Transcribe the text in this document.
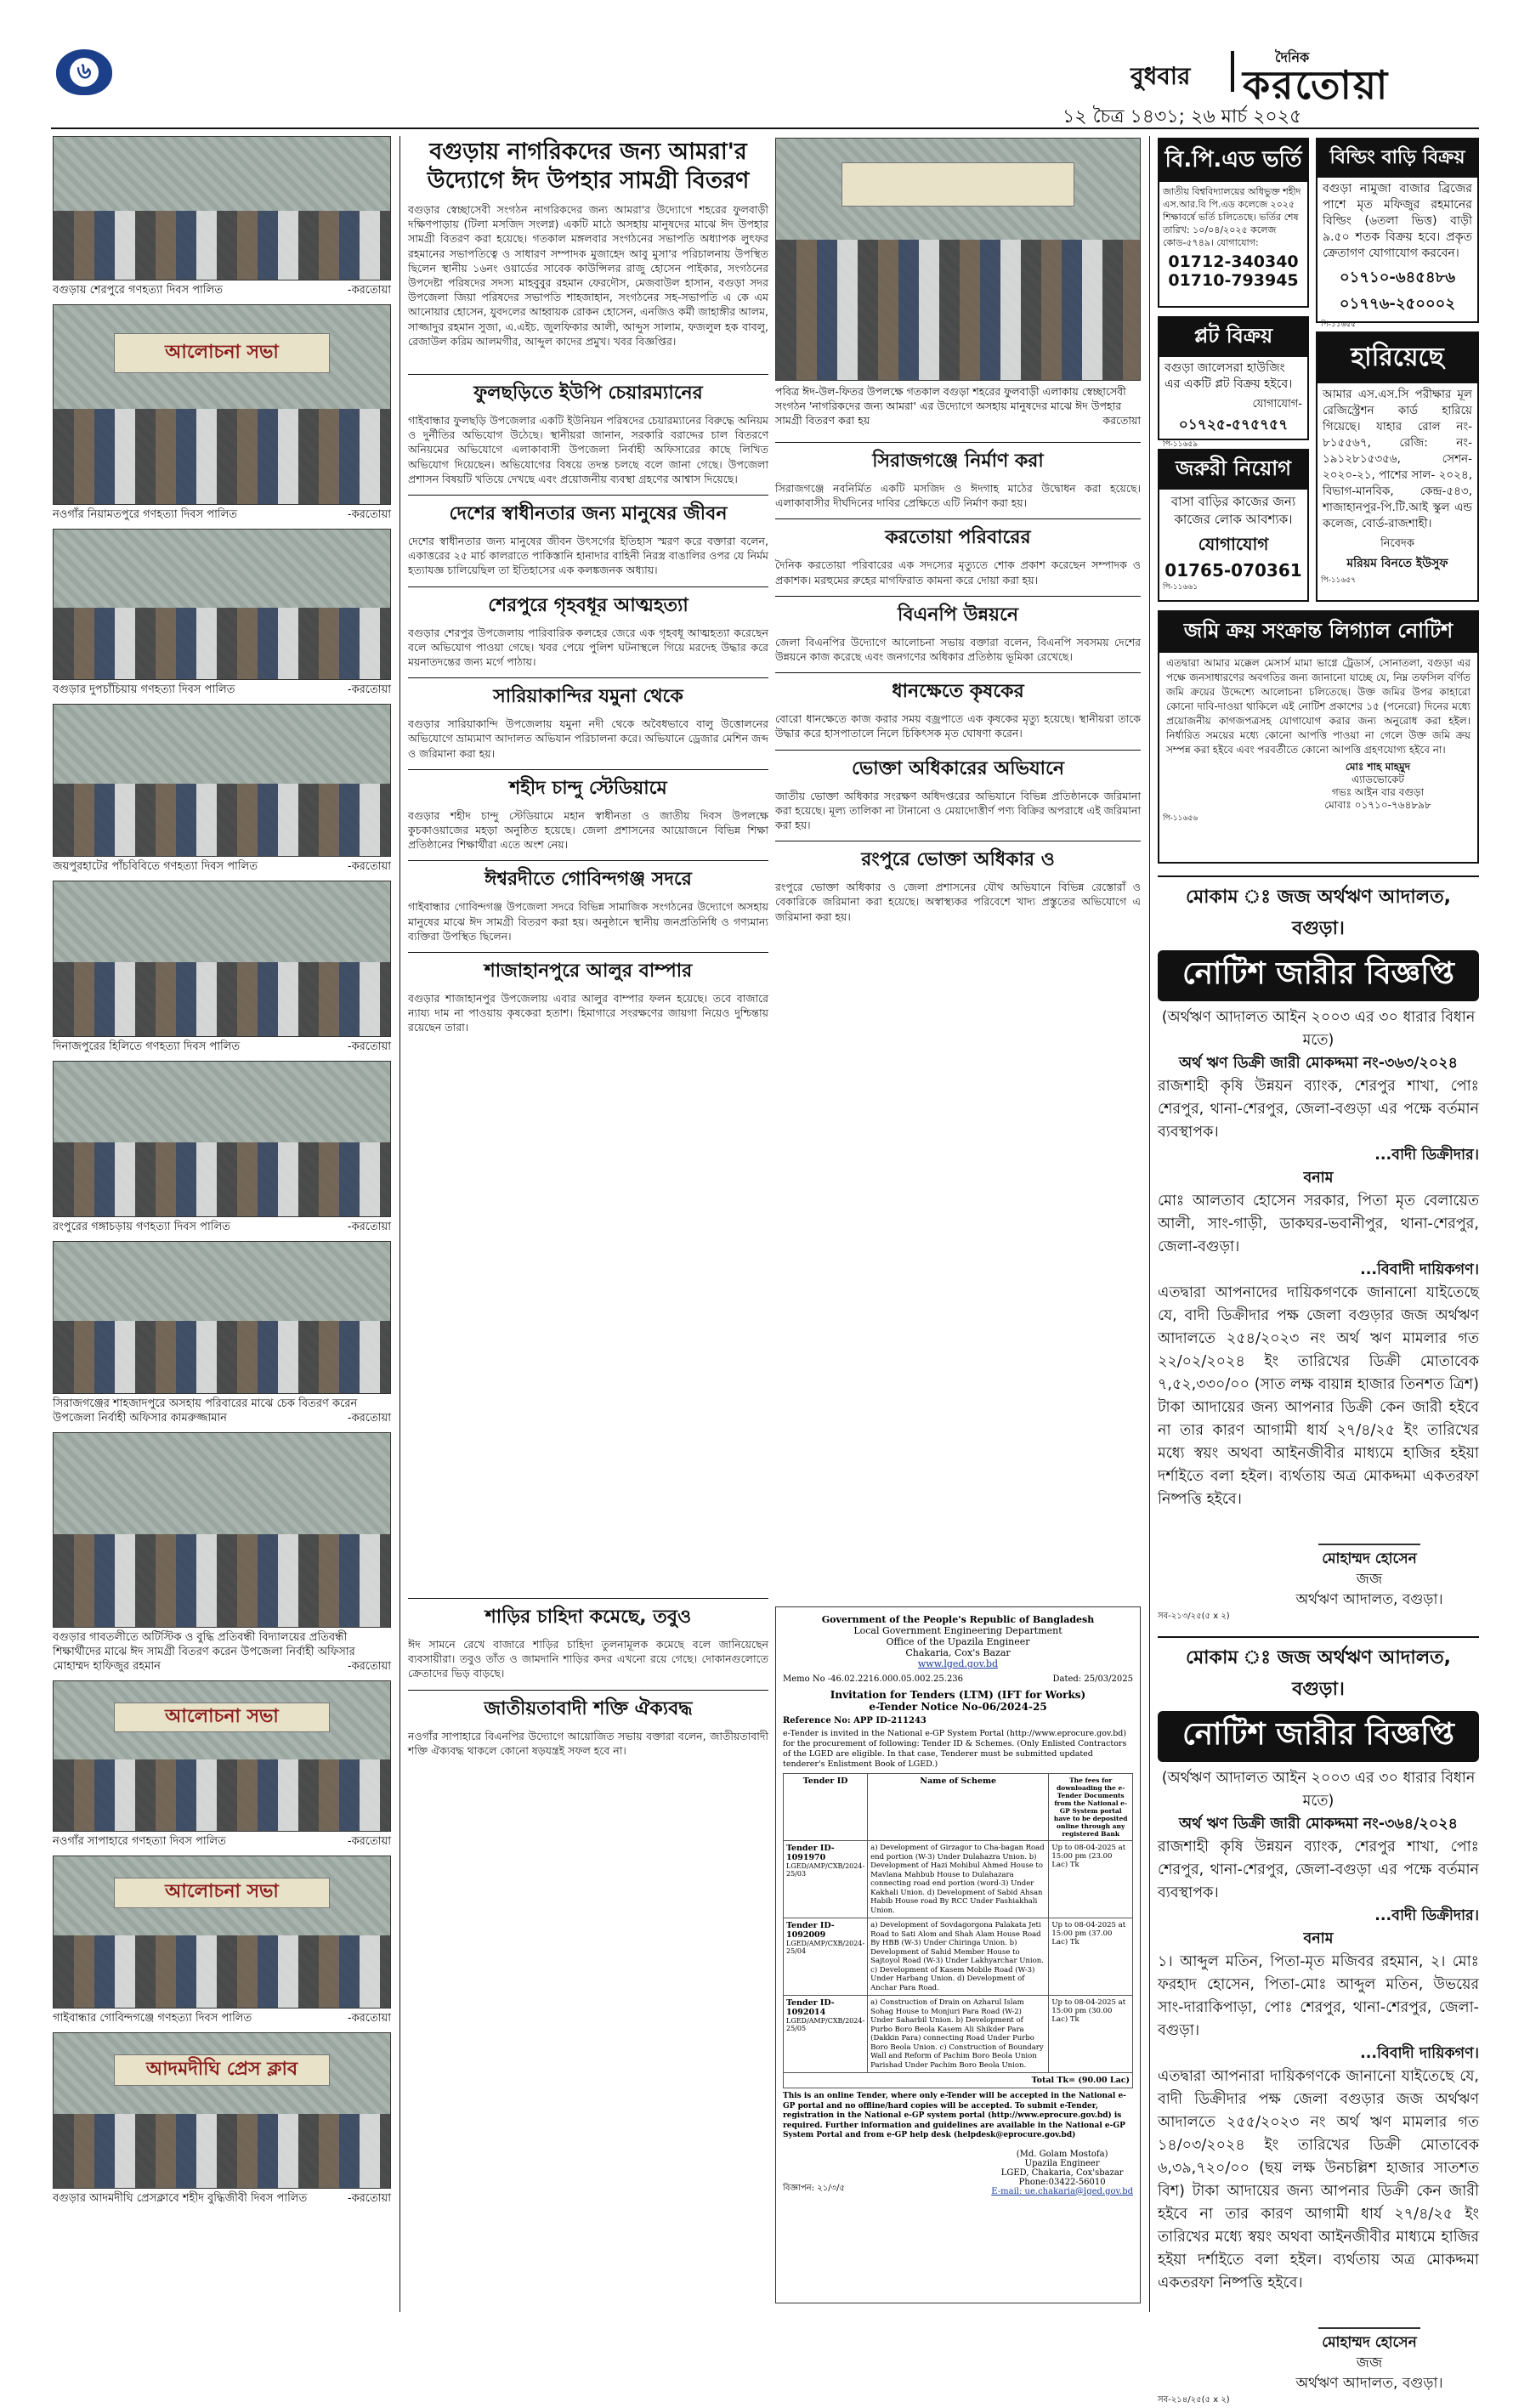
৬	বুধবার
দৈনিক
করতোয়া
১২ চৈত্র ১৪৩১; ২৬ মার্চ ২০২৫
বগুড়ায় শেরপুরে গণহত্যা দিবস পালিত	-করতোয়া
আলোচনা সভা
নওগাঁর নিয়ামতপুরে গণহত্যা দিবস পালিত	-করতোয়া
বগুড়ার দুপচাঁচিয়ায় গণহত্যা দিবস পালিত	-করতোয়া
জয়পুরহাটের পাঁচবিবিতে গণহত্যা দিবস পালিত	-করতোয়া
দিনাজপুরের হিলিতে গণহত্যা দিবস পালিত	-করতোয়া
রংপুরের গঙ্গাচড়ায় গণহত্যা দিবস পালিত	-করতোয়া
সিরাজগঞ্জের শাহজাদপুরে অসহায় পরিবারের মাঝে চেক বিতরণ করেন উপজেলা নির্বাহী অফিসার কামরুজ্জামান	-করতোয়া
বগুড়ার গাবতলীতে অটিস্টিক ও বুদ্ধি প্রতিবন্ধী বিদ্যালয়ের প্রতিবন্ধী শিক্ষার্থীদের মাঝে ঈদ সামগ্রী বিতরণ করেন উপজেলা নির্বাহী অফিসার মোহাম্মদ হাফিজুর রহমান	-করতোয়া
আলোচনা সভা
নওগাঁর সাপাহারে গণহত্যা দিবস পালিত	-করতোয়া
আলোচনা সভা
গাইবান্ধার গোবিন্দগঞ্জে গণহত্যা দিবস পালিত	-করতোয়া
আদমদীঘি প্রেস ক্লাব
বগুড়ার আদমদীঘি প্রেসক্লাবে শহীদ বুদ্ধিজীবী দিবস পালিত	-করতোয়া
বগুড়ায় নাগরিকদের জন্য আমরা'র উদ্যোগে ঈদ উপহার সামগ্রী বিতরণ
বগুড়ার স্বেচ্ছাসেবী সংগঠন নাগরিকদের জন্য আমরা'র উদ্যোগে শহরের ফুলবাড়ী দক্ষিণপাড়ায় (টিলা মসজিদ সংলগ্ন) একটি মাঠে অসহায় মানুষদের মাঝে ঈদ উপহার সামগ্রী বিতরণ করা হয়েছে। গতকাল মঙ্গলবার সংগঠনের সভাপতি অধ্যাপক লুৎফর রহমানের সভাপতিত্বে ও সাধারণ সম্পাদক মুজাহেদ আবু মুসা'র পরিচালনায় উপস্থিত ছিলেন স্থানীয় ১৬নং ওয়ার্ডের সাবেক কাউন্সিলর রাজু হোসেন পাইকার, সংগঠনের উপদেষ্টা পরিষদের সদস্য মাহবুবুর রহমান ফেরদৌস, মেজবাউল হাসান, বগুড়া সদর উপজেলা জিয়া পরিষদের সভাপতি শাহজাহান, সংগঠনের সহ-সভাপতি এ কে এম আনোয়ার হোসেন, যুবদলের আহ্বায়ক রোকন হোসেন, এনজিও কর্মী জাহাঙ্গীর আলম, সাজ্জাদুর রহমান সুজা, এ.এইচ. জুলফিকার আলী, আব্দুস সালাম, ফজলুল হক বাবলু, রেজাউল করিম আলমগীর, আব্দুল কাদের প্রমুখ। খবর বিজ্ঞপ্তির।
পবিত্র ঈদ-উল-ফিতর উপলক্ষে গতকাল বগুড়া শহরের ফুলবাড়ী এলাকায় স্বেচ্ছাসেবী সংগঠন 'নাগরিকদের জন্য আমরা' এর উদ্যোগে অসহায় মানুষদের মাঝে ঈদ উপহার সামগ্রী বিতরণ করা হয়	করতোয়া
ফুলছড়িতে ইউপি চেয়ারম্যানের
গাইবান্ধার ফুলছড়ি উপজেলার একটি ইউনিয়ন পরিষদের চেয়ারম্যানের বিরুদ্ধে অনিয়ম ও দুর্নীতির অভিযোগ উঠেছে। স্থানীয়রা জানান, সরকারি বরাদ্দের চাল বিতরণে অনিয়মের অভিযোগে এলাকাবাসী উপজেলা নির্বাহী অফিসারের কাছে লিখিত অভিযোগ দিয়েছেন। অভিযোগের বিষয়ে তদন্ত চলছে বলে জানা গেছে। উপজেলা প্রশাসন বিষয়টি খতিয়ে দেখছে এবং প্রয়োজনীয় ব্যবস্থা গ্রহণের আশ্বাস দিয়েছে।
দেশের স্বাধীনতার জন্য মানুষের জীবন
দেশের স্বাধীনতার জন্য মানুষের জীবন উৎসর্গের ইতিহাস স্মরণ করে বক্তারা বলেন, একাত্তরের ২৫ মার্চ কালরাতে পাকিস্তানি হানাদার বাহিনী নিরস্ত্র বাঙালির ওপর যে নির্মম হত্যাযজ্ঞ চালিয়েছিল তা ইতিহাসের এক কলঙ্কজনক অধ্যায়।
শেরপুরে গৃহবধূর আত্মহত্যা
বগুড়ার শেরপুর উপজেলায় পারিবারিক কলহের জেরে এক গৃহবধূ আত্মহত্যা করেছেন বলে অভিযোগ পাওয়া গেছে। খবর পেয়ে পুলিশ ঘটনাস্থলে গিয়ে মরদেহ উদ্ধার করে ময়নাতদন্তের জন্য মর্গে পাঠায়।
সারিয়াকান্দির যমুনা থেকে
বগুড়ার সারিয়াকান্দি উপজেলায় যমুনা নদী থেকে অবৈধভাবে বালু উত্তোলনের অভিযোগে ভ্রাম্যমাণ আদালত অভিযান পরিচালনা করে। অভিযানে ড্রেজার মেশিন জব্দ ও জরিমানা করা হয়।
শহীদ চান্দু স্টেডিয়ামে
বগুড়ার শহীদ চান্দু স্টেডিয়ামে মহান স্বাধীনতা ও জাতীয় দিবস উপলক্ষে কুচকাওয়াজের মহড়া অনুষ্ঠিত হয়েছে। জেলা প্রশাসনের আয়োজনে বিভিন্ন শিক্ষা প্রতিষ্ঠানের শিক্ষার্থীরা এতে অংশ নেয়।
ঈশ্বরদীতে গোবিন্দগঞ্জ সদরে
গাইবান্ধার গোবিন্দগঞ্জ উপজেলা সদরে বিভিন্ন সামাজিক সংগঠনের উদ্যোগে অসহায় মানুষের মাঝে ঈদ সামগ্রী বিতরণ করা হয়। অনুষ্ঠানে স্থানীয় জনপ্রতিনিধি ও গণ্যমান্য ব্যক্তিরা উপস্থিত ছিলেন।
শাজাহানপুরে আলুর বাম্পার
বগুড়ার শাজাহানপুর উপজেলায় এবার আলুর বাম্পার ফলন হয়েছে। তবে বাজারে ন্যায্য দাম না পাওয়ায় কৃষকেরা হতাশ। হিমাগারে সংরক্ষণের জায়গা নিয়েও দুশ্চিন্তায় রয়েছেন তারা।
সিরাজগঞ্জে নির্মাণ করা
সিরাজগঞ্জে নবনির্মিত একটি মসজিদ ও ঈদগাহ মাঠের উদ্বোধন করা হয়েছে। এলাকাবাসীর দীর্ঘদিনের দাবির প্রেক্ষিতে এটি নির্মাণ করা হয়।
করতোয়া পরিবারের
দৈনিক করতোয়া পরিবারের এক সদস্যের মৃত্যুতে শোক প্রকাশ করেছেন সম্পাদক ও প্রকাশক। মরহুমের রুহের মাগফিরাত কামনা করে দোয়া করা হয়।
বিএনপি উন্নয়নে
জেলা বিএনপির উদ্যোগে আলোচনা সভায় বক্তারা বলেন, বিএনপি সবসময় দেশের উন্নয়নে কাজ করেছে এবং জনগণের অধিকার প্রতিষ্ঠায় ভূমিকা রেখেছে।
ধানক্ষেতে কৃষকের
বোরো ধানক্ষেতে কাজ করার সময় বজ্রপাতে এক কৃষকের মৃত্যু হয়েছে। স্থানীয়রা তাকে উদ্ধার করে হাসপাতালে নিলে চিকিৎসক মৃত ঘোষণা করেন।
ভোক্তা অধিকারের অভিযানে
জাতীয় ভোক্তা অধিকার সংরক্ষণ অধিদপ্তরের অভিযানে বিভিন্ন প্রতিষ্ঠানকে জরিমানা করা হয়েছে। মূল্য তালিকা না টানানো ও মেয়াদোত্তীর্ণ পণ্য বিক্রির অপরাধে এই জরিমানা করা হয়।
রংপুরে ভোক্তা অধিকার ও
রংপুরে ভোক্তা অধিকার ও জেলা প্রশাসনের যৌথ অভিযানে বিভিন্ন রেস্তোরাঁ ও বেকারিকে জরিমানা করা হয়েছে। অস্বাস্থ্যকর পরিবেশে খাদ্য প্রস্তুতের অভিযোগে এ জরিমানা করা হয়।
শাড়ির চাহিদা কমেছে, তবুও
ঈদ সামনে রেখে বাজারে শাড়ির চাহিদা তুলনামূলক কমেছে বলে জানিয়েছেন ব্যবসায়ীরা। তবুও তাঁত ও জামদানি শাড়ির কদর এখনো রয়ে গেছে। দোকানগুলোতে ক্রেতাদের ভিড় বাড়ছে।
জাতীয়তাবাদী শক্তি ঐক্যবদ্ধ
নওগাঁর সাপাহারে বিএনপির উদ্যোগে আয়োজিত সভায় বক্তারা বলেন, জাতীয়তাবাদী শক্তি ঐক্যবদ্ধ থাকলে কোনো ষড়যন্ত্রই সফল হবে না।
Government of the People's Republic of Bangladesh
Local Government Engineering Department
Office of the Upazila Engineer
Chakaria, Cox's Bazar
www.lged.gov.bd
Memo No -46.02.2216.000.05.002.25.236	Dated: 25/03/2025
Invitation for Tenders (LTM) (IFT for Works)
e-Tender Notice No-06/2024-25
Reference No: APP ID-211243
e-Tender is invited in the National e-GP System Portal (http://www.eprocure.gov.bd) for the procurement of following: Tender ID & Schemes. (Only Enlisted Contractors of the LGED are eligible. In that case, Tenderer must be submitted updated tenderer's Enlistment Book of LGED.)
Tender ID	Name of Scheme	The fees for downloading the e-Tender Documents from the National e-GP System portal have to be deposited online through any registered Bank

Tender ID- 1091970
LGED/AMP/CXB/2024-25/03	a) Development of Girzagor to Cha-bagan Road end portion (W-3) Under Dulahazra Union. b) Development of Hazi Mohibul Ahmed House to Mavlana Mahbub House to Dulahazara connecting road end portion (word-3) Under Kakhali Union. d) Development of Sabid Ahsan Habib House road By RCC Under Fashiakhali Union.	Up to 08-04-2025 at 15:00 pm (23.00 Lac) Tk

Tender ID- 1092009
LGED/AMP/CXB/2024-25/04	a) Development of Sovdagorgona Palakata Jeti Road to Sati Alom and Shah Alam House Road By HBB (W-3) Under Chiringa Union. b) Development of Sahid Member House to Sajtoyol Road (W-3) Under Lakhyarchar Union. c) Development of Kasem Mobile Road (W-3) Under Harbang Union. d) Development of Anchar Para Road.	Up to 08-04-2025 at 15:00 pm (37.00 Lac) Tk

Tender ID- 1092014
LGED/AMP/CXB/2024-25/05	a) Construction of Drain on Azharul Islam Sohag House to Monjuri Para Road (W-2) Under Saharbil Union. b) Development of Purbo Boro Beola Kasem Ali Shikder Para (Dakkin Para) connecting Road Under Purbo Boro Beola Union. c) Construction of Boundary Wall and Reform of Pachim Boro Beola Union Parishad Under Pachim Boro Beola Union.	Up to 08-04-2025 at 15:00 pm (30.00 Lac) Tk
Total Tk= (90.00 Lac)		
This is an online Tender, where only e-Tender will be accepted in the National e-GP portal and no offline/hard copies will be accepted. To submit e-Tender, registration in the National e-GP system portal (http://www.eprocure.gov.bd) is required. Further information and guidelines are available in the National e-GP System Portal and from e-GP help desk (helpdesk@eprocure.gov.bd)
বিজ্ঞাপন: ২১/৩/৫
(Md. Golam Mostofa)
Upazila Engineer
LGED, Chakaria, Cox'sbazar
Phone:03422-56010
E-mail: ue.chakaria@lged.gov.bd
বি.পি.এড ভর্তি
জাতীয় বিশ্ববিদ্যালয়ের অধিভুক্ত শহীদ এস.আর.বি পি.এড কলেজে ২০২৫ শিক্ষাবর্ষে ভর্তি চলিতেছে। ভর্তির শেষ তারিখ: ১০/০৪/২০২৫ কলেজ কোড-৫৭৪৯। যোগাযোগ:
01712-340340
01710-793945
বিল্ডিং বাড়ি বিক্রয়
বগুড়া নামুজা বাজার ব্রিজের পাশে মৃত মফিজুর রহমানের বিল্ডিং (৬তলা ভিত্ত) বাড়ী ৯.৫০ শতক বিক্রয় হবে। প্রকৃত ক্রেতাগণ যোগাযোগ করবেন।
০১৭১০-৬৪৫৪৮৬
০১৭৭৬-২৫০০০২
পি-১১৬৫৫
প্লট বিক্রয়
বগুড়া জালেসরা হাউজিং এর একটি প্লট বিক্রয় হইবে।
যোগাযোগ-
০১৭২৫-৫৭৫৭৫৭
পি-১১৬৫৯
হারিয়েছে
আমার এস.এস.সি পরীক্ষার মূল রেজিস্ট্রেশন কার্ড হারিয়ে গিয়েছে। যাহার রোল নং- ৮১৫৫৬৭, রেজি: নং- ১৯১২৮১৫৩৫৬, সেশন- ২০২০-২১, পাশের সাল- ২০২৪, বিভাগ-মানবিক, কেন্দ্র-৫৪৩, শাজাহানপুর-পি.টি.আই স্কুল এন্ড কলেজ, বোর্ড-রাজশাহী।
নিবেদক
মরিয়ম বিনতে ইউসুফ
পি-১১৬৫৭
জরুরী নিয়োগ
বাসা বাড়ির কাজের জন্য কাজের লোক আবশ্যক।
যোগাযোগ
01765-070361
পি-১১৬৬১
জমি ক্রয় সংক্রান্ত লিগ্যাল নোটিশ
এতদ্বারা আমার মক্কেল মেসার্স মামা ভাগ্নে ট্রেডার্স, সোনাতলা, বগুড়া এর পক্ষে জনসাধারণের অবগতির জন্য জানানো যাচ্ছে যে, নিম্ন তফসিল বর্ণিত জমি ক্রয়ের উদ্দেশ্যে আলোচনা চলিতেছে। উক্ত জমির উপর কাহারো কোনো দাবি-দাওয়া থাকিলে এই নোটিশ প্রকাশের ১৫ (পনেরো) দিনের মধ্যে প্রয়োজনীয় কাগজপত্রসহ যোগাযোগ করার জন্য অনুরোধ করা হইল। নির্ধারিত সময়ের মধ্যে কোনো আপত্তি পাওয়া না গেলে উক্ত জমি ক্রয় সম্পন্ন করা হইবে এবং পরবর্তীতে কোনো আপত্তি গ্রহণযোগ্য হইবে না।
মোঃ শাহ মাহমুদ
এ্যাডভোকেট
গভঃ আইন বার বগুড়া
মোবাঃ ০১৭১০-৭৬৪৮৯৮
পি-১১৬৫৬
মোকাম ঃ জজ অর্থঋণ আদালত, বগুড়া।
নোটিশ জারীর বিজ্ঞপ্তি
(অর্থঋণ আদালত আইন ২০০৩ এর ৩০ ধারার বিধান মতে)
অর্থ ঋণ ডিক্রী জারী মোকদ্দমা নং-৩৬৩/২০২৪
রাজশাহী কৃষি উন্নয়ন ব্যাংক, শেরপুর শাখা, পোঃ শেরপুর, থানা-শেরপুর, জেলা-বগুড়া এর পক্ষে বর্তমান ব্যবস্থাপক।
...বাদী ডিক্রীদার।
বনাম
মোঃ আলতাব হোসেন সরকার, পিতা মৃত বেলায়েত আলী, সাং-গাড়ী, ডাকঘর-ভবানীপুর, থানা-শেরপুর, জেলা-বগুড়া।
...বিবাদী দায়িকগণ।
এতদ্বারা আপনাদের দায়িকগণকে জানানো যাইতেছে যে, বাদী ডিক্রীদার পক্ষ জেলা বগুড়ার জজ অর্থঋণ আদালতে ২৫৪/২০২৩ নং অর্থ ঋণ মামলার গত ২২/০২/২০২৪ ইং তারিখের ডিক্রী মোতাবেক ৭,৫২,৩৩০/০০ (সাত লক্ষ বায়ান্ন হাজার তিনশত ত্রিশ) টাকা আদায়ের জন্য আপনার ডিক্রী কেন জারী হইবে না তার কারণ আগামী ধার্য ২৭/৪/২৫ ইং তারিখের মধ্যে স্বয়ং অথবা আইনজীবীর মাধ্যমে হাজির হইয়া দর্শাইতে বলা হইল। ব্যর্থতায় অত্র মোকদ্দমা একতরফা নিষ্পত্তি হইবে।
মোহাম্মদ হোসেন
জজ
অর্থঋণ আদালত, বগুড়া।
সব-২১৩/২৫(৫ x ২)
মোকাম ঃ জজ অর্থঋণ আদালত, বগুড়া।
নোটিশ জারীর বিজ্ঞপ্তি
(অর্থঋণ আদালত আইন ২০০৩ এর ৩০ ধারার বিধান মতে)
অর্থ ঋণ ডিক্রী জারী মোকদ্দমা নং-৩৬৪/২০২৪
রাজশাহী কৃষি উন্নয়ন ব্যাংক, শেরপুর শাখা, পোঃ শেরপুর, থানা-শেরপুর, জেলা-বগুড়া এর পক্ষে বর্তমান ব্যবস্থাপক।
...বাদী ডিক্রীদার।
বনাম
১। আব্দুল মতিন, পিতা-মৃত মজিবর রহমান, ২। মোঃ ফরহাদ হোসেন, পিতা-মোঃ আব্দুল মতিন, উভয়ের সাং-দারাকিপাড়া, পোঃ শেরপুর, থানা-শেরপুর, জেলা-বগুড়া।
...বিবাদী দায়িকগণ।
এতদ্বারা আপনারা দায়িকগণকে জানানো যাইতেছে যে, বাদী ডিক্রীদার পক্ষ জেলা বগুড়ার জজ অর্থঋণ আদালতে ২৫৫/২০২৩ নং অর্থ ঋণ মামলার গত ১৪/০৩/২০২৪ ইং তারিখের ডিক্রী মোতাবেক ৬,৩৯,৭২০/০০ (ছয় লক্ষ উনচল্লিশ হাজার সাতশত বিশ) টাকা আদায়ের জন্য আপনার ডিক্রী কেন জারী হইবে না তার কারণ আগামী ধার্য ২৭/৪/২৫ ইং তারিখের মধ্যে স্বয়ং অথবা আইনজীবীর মাধ্যমে হাজির হইয়া দর্শাইতে বলা হইল। ব্যর্থতায় অত্র মোকদ্দমা একতরফা নিষ্পত্তি হইবে।
মোহাম্মদ হোসেন
জজ
অর্থঋণ আদালত, বগুড়া।
সব-২১৪/২৫(৫ x ২)
